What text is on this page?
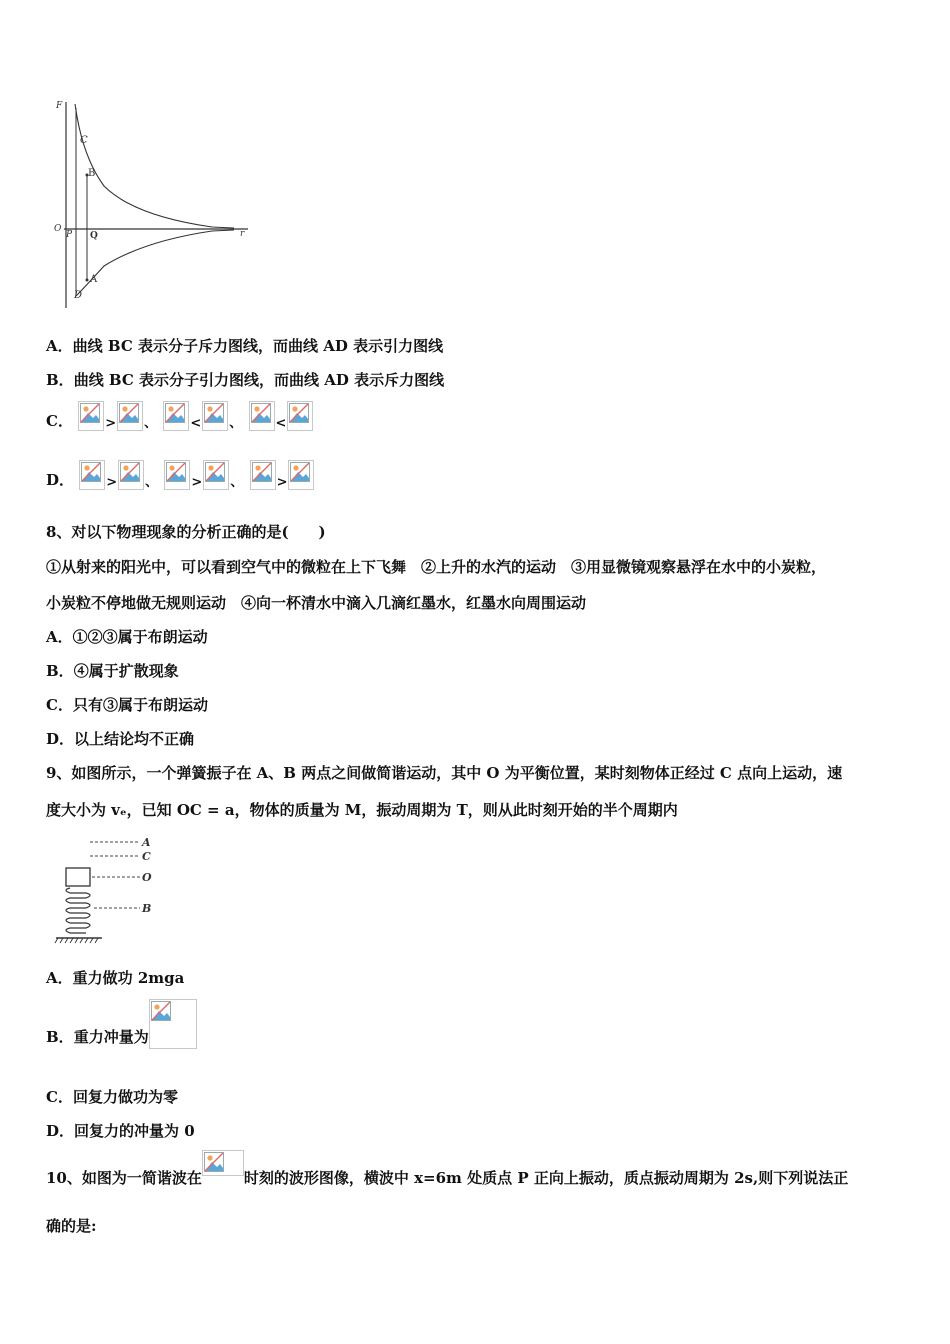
F
O	r
C
B
P Q
A
D
A．曲线 BC 表示分子斥力图线，而曲线 AD 表示引力图线
B．曲线 BC 表示分子引力图线，而曲线 AD 表示斥力图线
C． > 、	< 、	<
D． > 、	> 、	>
8、对以下物理现象的分析正确的是(　　)
①从射来的阳光中，可以看到空气中的微粒在上下飞舞　②上升的水汽的运动　③用显微镜观察悬浮在水中的小炭粒，
小炭粒不停地做无规则运动　④向一杯清水中滴入几滴红墨水，红墨水向周围运动
A．①②③属于布朗运动
B．④属于扩散现象
C．只有③属于布朗运动
D．以上结论均不正确
9、如图所示，一个弹簧振子在 A、B 两点之间做简谐运动，其中 O 为平衡位置，某时刻物体正经过 C 点向上运动，速
度大小为 vₑ，已知 OC = a，物体的质量为 M，振动周期为 T，则从此时刻开始的半个周期内
A
C
O
B
A．重力做功 2mga
B．重力冲量为
C．回复力做功为零
D．回复力的冲量为 0
10、如图为一简谐波在	时刻的波形图像，横波中 x=6m 处质点 P 正向上振动，质点振动周期为 2s,则下列说法正
确的是:
